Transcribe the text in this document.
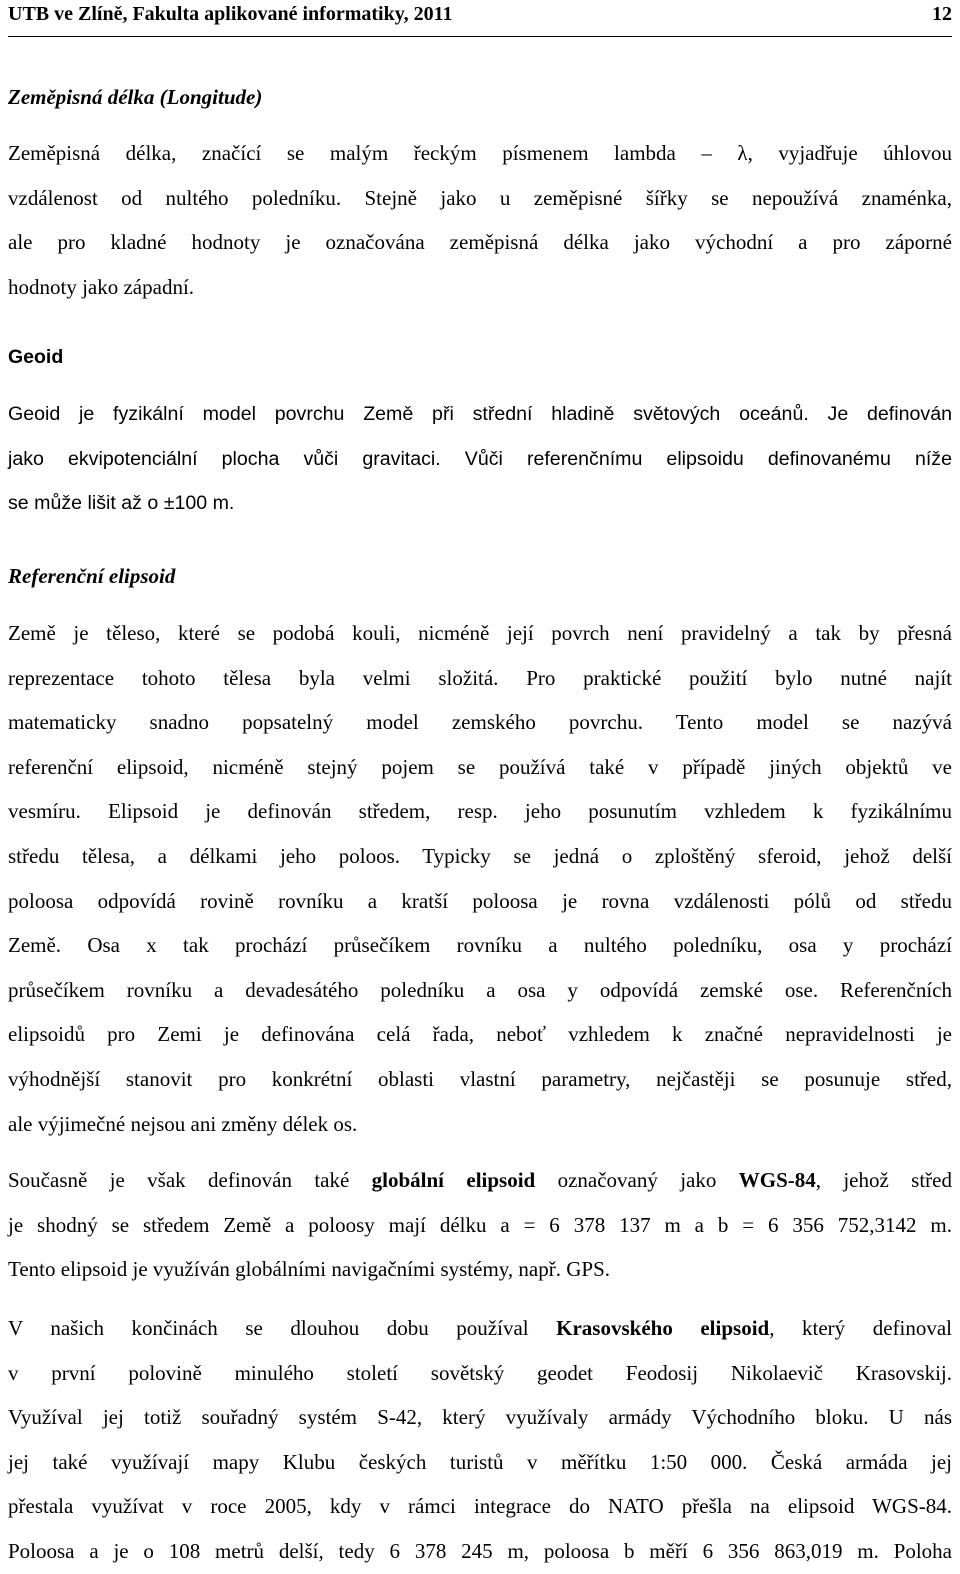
UTB ve Zlíně, Fakulta aplikované informatiky, 2011	12
Zeměpisná délka (Longitude)
Zeměpisná délka, značící se malým řeckým písmenem lambda – λ, vyjadřuje úhlovou
vzdálenost od nultého poledníku. Stejně jako u zeměpisné šířky se nepoužívá znaménka,
ale pro kladné hodnoty je označována zeměpisná délka jako východní a pro záporné
hodnoty jako západní.
Geoid
Geoid je fyzikální model povrchu Země při střední hladině světových oceánů. Je definován
jako ekvipotenciální plocha vůči gravitaci. Vůči referenčnímu elipsoidu definovanému níže
se může lišit až o ±100 m.
Referenční elipsoid
Země je těleso, které se podobá kouli, nicméně její povrch není pravidelný a tak by přesná
reprezentace tohoto tělesa byla velmi složitá. Pro praktické použití bylo nutné najít
matematicky snadno popsatelný model zemského povrchu. Tento model se nazývá
referenční elipsoid, nicméně stejný pojem se používá také v případě jiných objektů ve
vesmíru. Elipsoid je definován středem, resp. jeho posunutím vzhledem k fyzikálnímu
středu tělesa, a délkami jeho poloos. Typicky se jedná o zploštěný sferoid, jehož delší
poloosa odpovídá rovině rovníku a kratší poloosa je rovna vzdálenosti pólů od středu
Země. Osa x tak prochází průsečíkem rovníku a nultého poledníku, osa y prochází
průsečíkem rovníku a devadesátého poledníku a osa y odpovídá zemské ose. Referenčních
elipsoidů pro Zemi je definována celá řada, neboť vzhledem k značné nepravidelnosti je
výhodnější stanovit pro konkrétní oblasti vlastní parametry, nejčastěji se posunuje střed,
ale výjimečné nejsou ani změny délek os.
Současně je však definován také globální elipsoid označovaný jako WGS-84, jehož střed
je shodný se středem Země a poloosy mají délku a = 6 378 137 m a b = 6 356 752,3142 m.
Tento elipsoid je využíván globálními navigačními systémy, např. GPS.
V našich končinách se dlouhou dobu používal Krasovského elipsoid, který definoval
v první polovině minulého století sovětský geodet Feodosij Nikolaevič Krasovskij.
Využíval jej totiž souřadný systém S-42, který využívaly armády Východního bloku. U nás
jej také využívají mapy Klubu českých turistů v měřítku 1:50 000. Česká armáda jej
přestala využívat v roce 2005, kdy v rámci integrace do NATO přešla na elipsoid WGS-84.
Poloosa a je o 108 metrů delší, tedy 6 378 245 m, poloosa b měří 6 356 863,019 m. Poloha
